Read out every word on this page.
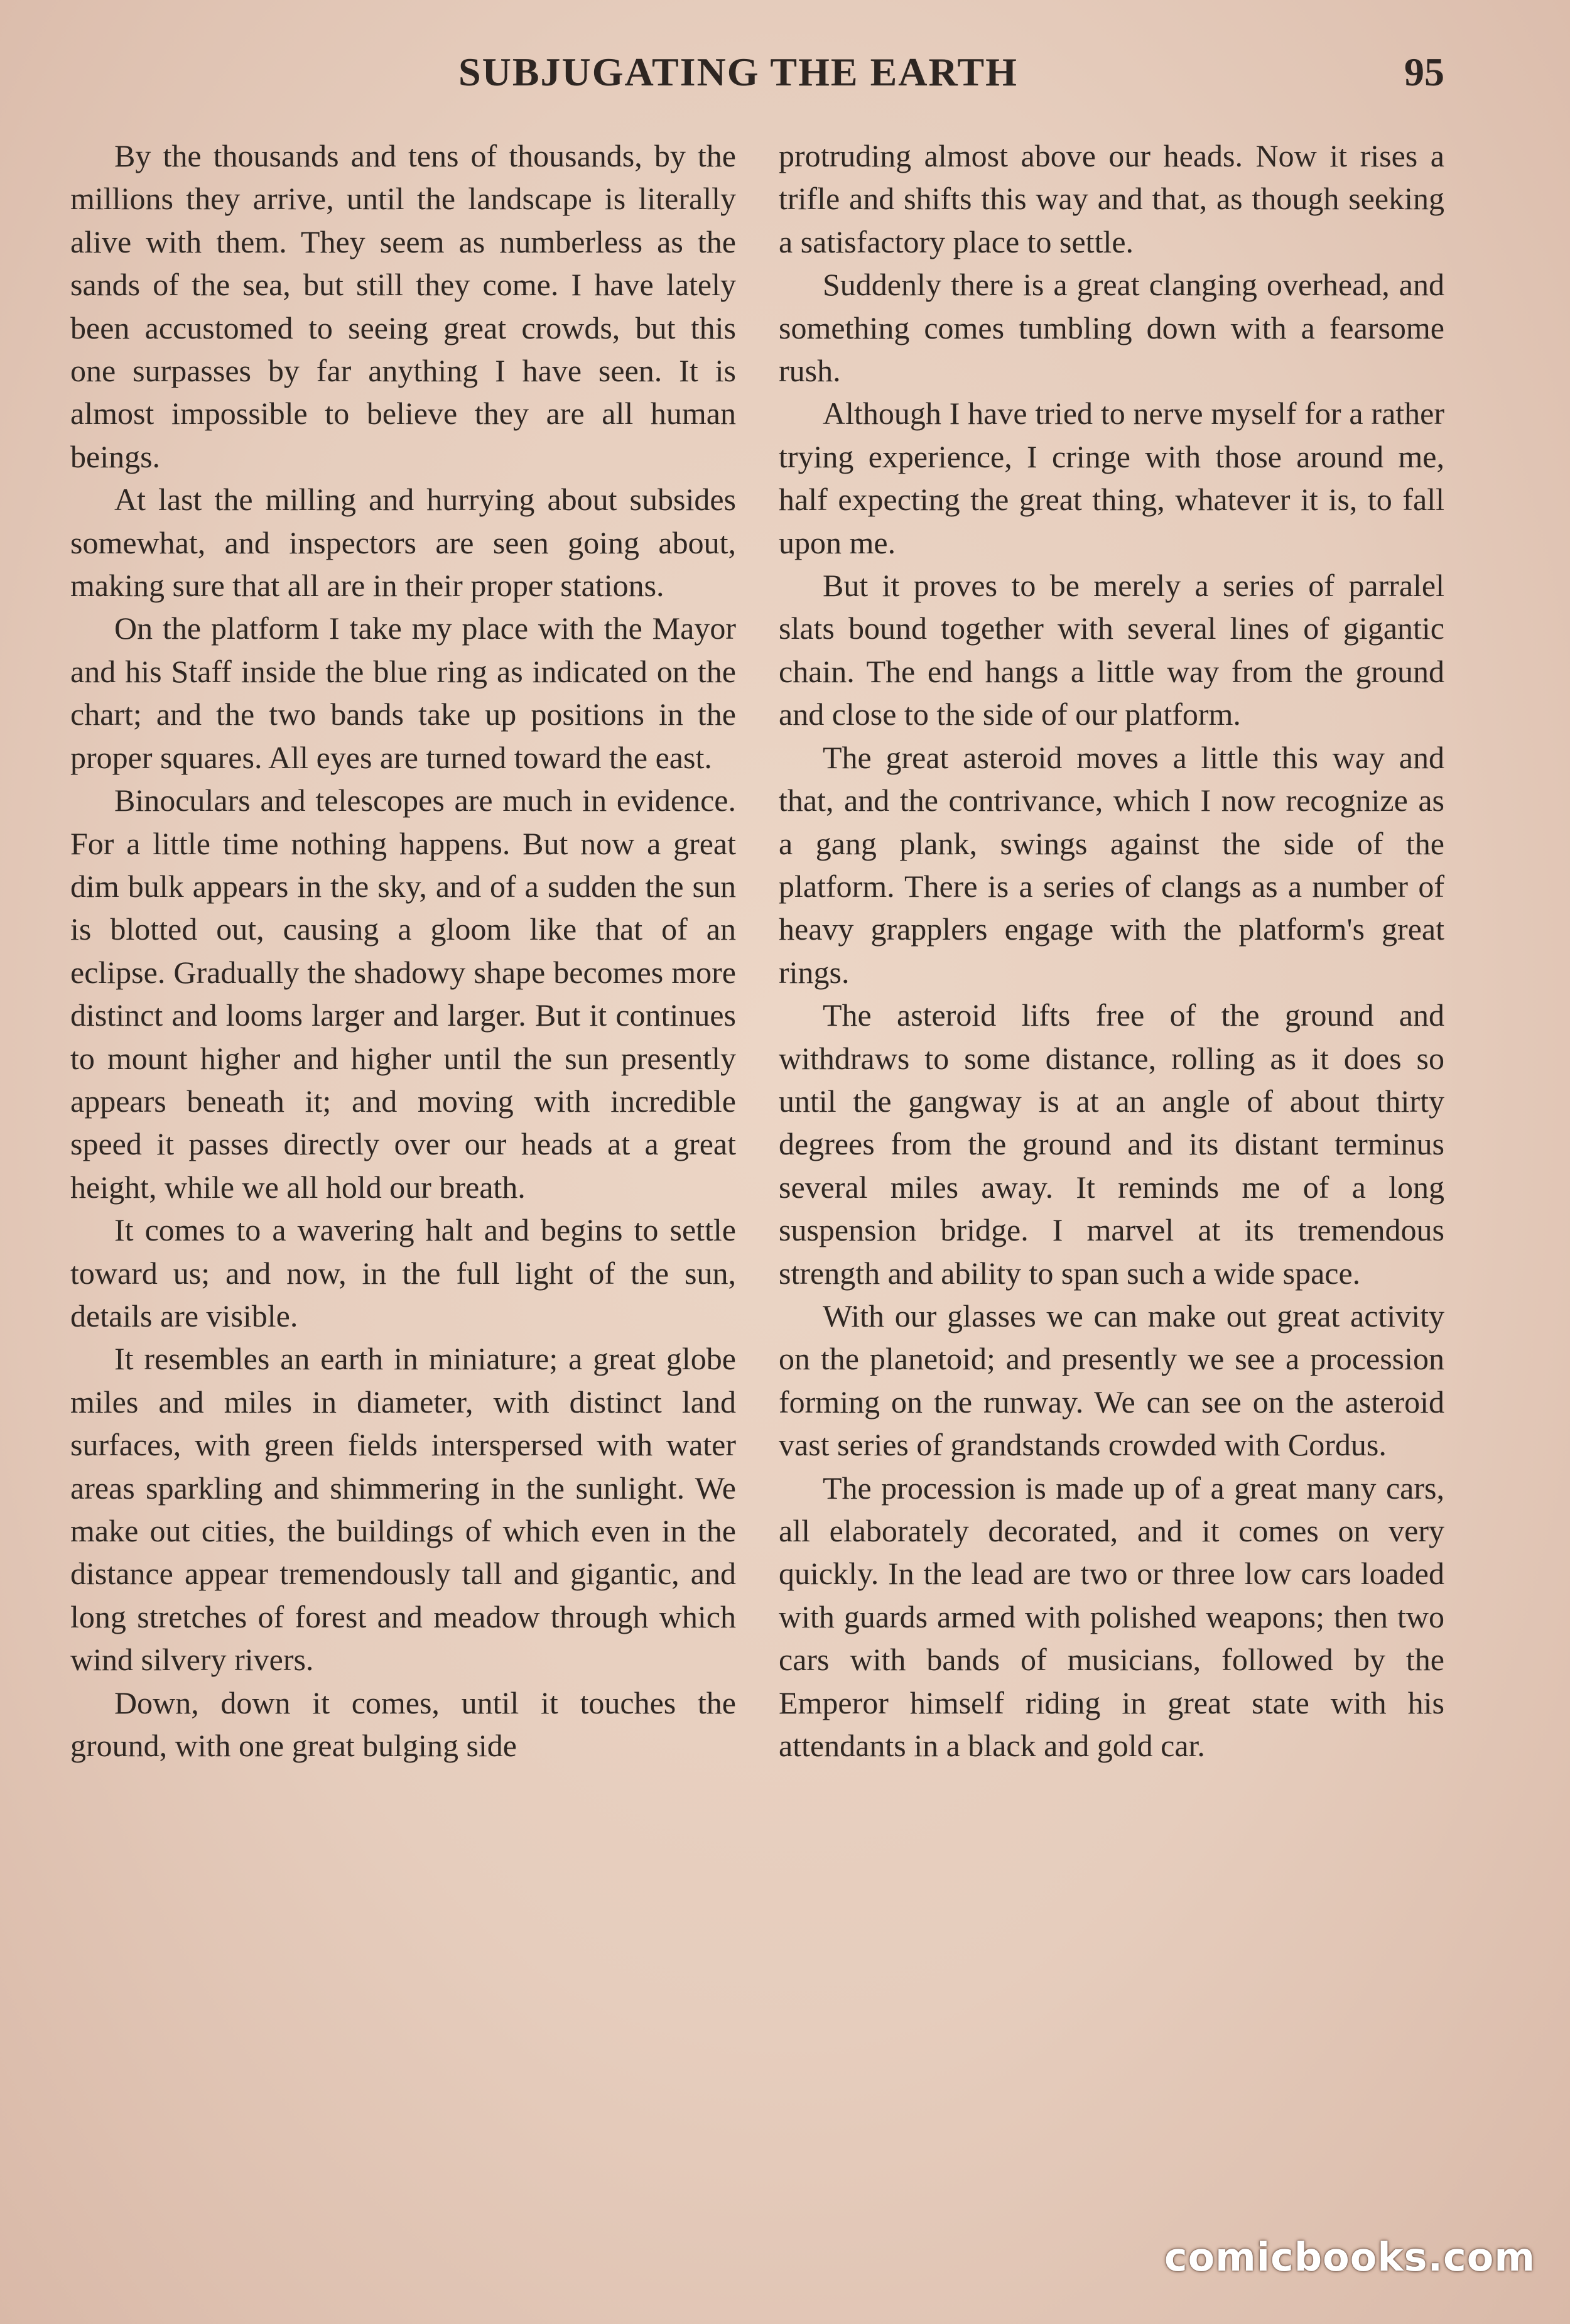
SUBJUGATING THE EARTH	95

By the thousands and tens of thousands, by the millions they arrive, until the landscape is literally alive with them. They seem as numberless as the sands of the sea, but still they come. I have lately been accustomed to seeing great crowds, but this one surpasses by far anything I have seen. It is almost impossible to believe they are all human beings.

At last the milling and hurrying about subsides somewhat, and inspectors are seen going about, making sure that all are in their proper stations.

On the platform I take my place with the Mayor and his Staff inside the blue ring as indicated on the chart; and the two bands take up positions in the proper squares. All eyes are turned toward the east.

Binoculars and telescopes are much in evidence. For a little time nothing happens. But now a great dim bulk appears in the sky, and of a sudden the sun is blotted out, causing a gloom like that of an eclipse. Gradually the shadowy shape becomes more distinct and looms larger and larger. But it continues to mount higher and higher until the sun presently appears beneath it; and moving with incredible speed it passes directly over our heads at a great height, while we all hold our breath.

It comes to a wavering halt and begins to settle toward us; and now, in the full light of the sun, details are visible.

It resembles an earth in miniature; a great globe miles and miles in diameter, with distinct land surfaces, with green fields interspersed with water areas sparkling and shimmering in the sunlight. We make out cities, the buildings of which even in the distance appear tremendously tall and gigantic, and long stretches of forest and meadow through which wind silvery rivers.

Down, down it comes, until it touches the ground, with one great bulging side

protruding almost above our heads. Now it rises a trifle and shifts this way and that, as though seeking a satisfactory place to settle.

Suddenly there is a great clanging overhead, and something comes tumbling down with a fearsome rush.

Although I have tried to nerve myself for a rather trying experience, I cringe with those around me, half expecting the great thing, whatever it is, to fall upon me.

But it proves to be merely a series of parralel slats bound together with several lines of gigantic chain. The end hangs a little way from the ground and close to the side of our platform.

The great asteroid moves a little this way and that, and the contrivance, which I now recognize as a gang plank, swings against the side of the platform. There is a series of clangs as a number of heavy grapplers engage with the platform's great rings.

The asteroid lifts free of the ground and withdraws to some distance, rolling as it does so until the gangway is at an angle of about thirty degrees from the ground and its distant terminus several miles away. It reminds me of a long suspension bridge. I marvel at its tremendous strength and ability to span such a wide space.

With our glasses we can make out great activity on the planetoid; and presently we see a procession forming on the runway. We can see on the asteroid vast series of grandstands crowded with Cordus.

The procession is made up of a great many cars, all elaborately decorated, and it comes on very quickly. In the lead are two or three low cars loaded with guards armed with polished weapons; then two cars with bands of musicians, followed by the Emperor himself riding in great state with his attendants in a black and gold car.

comicbooks.com
